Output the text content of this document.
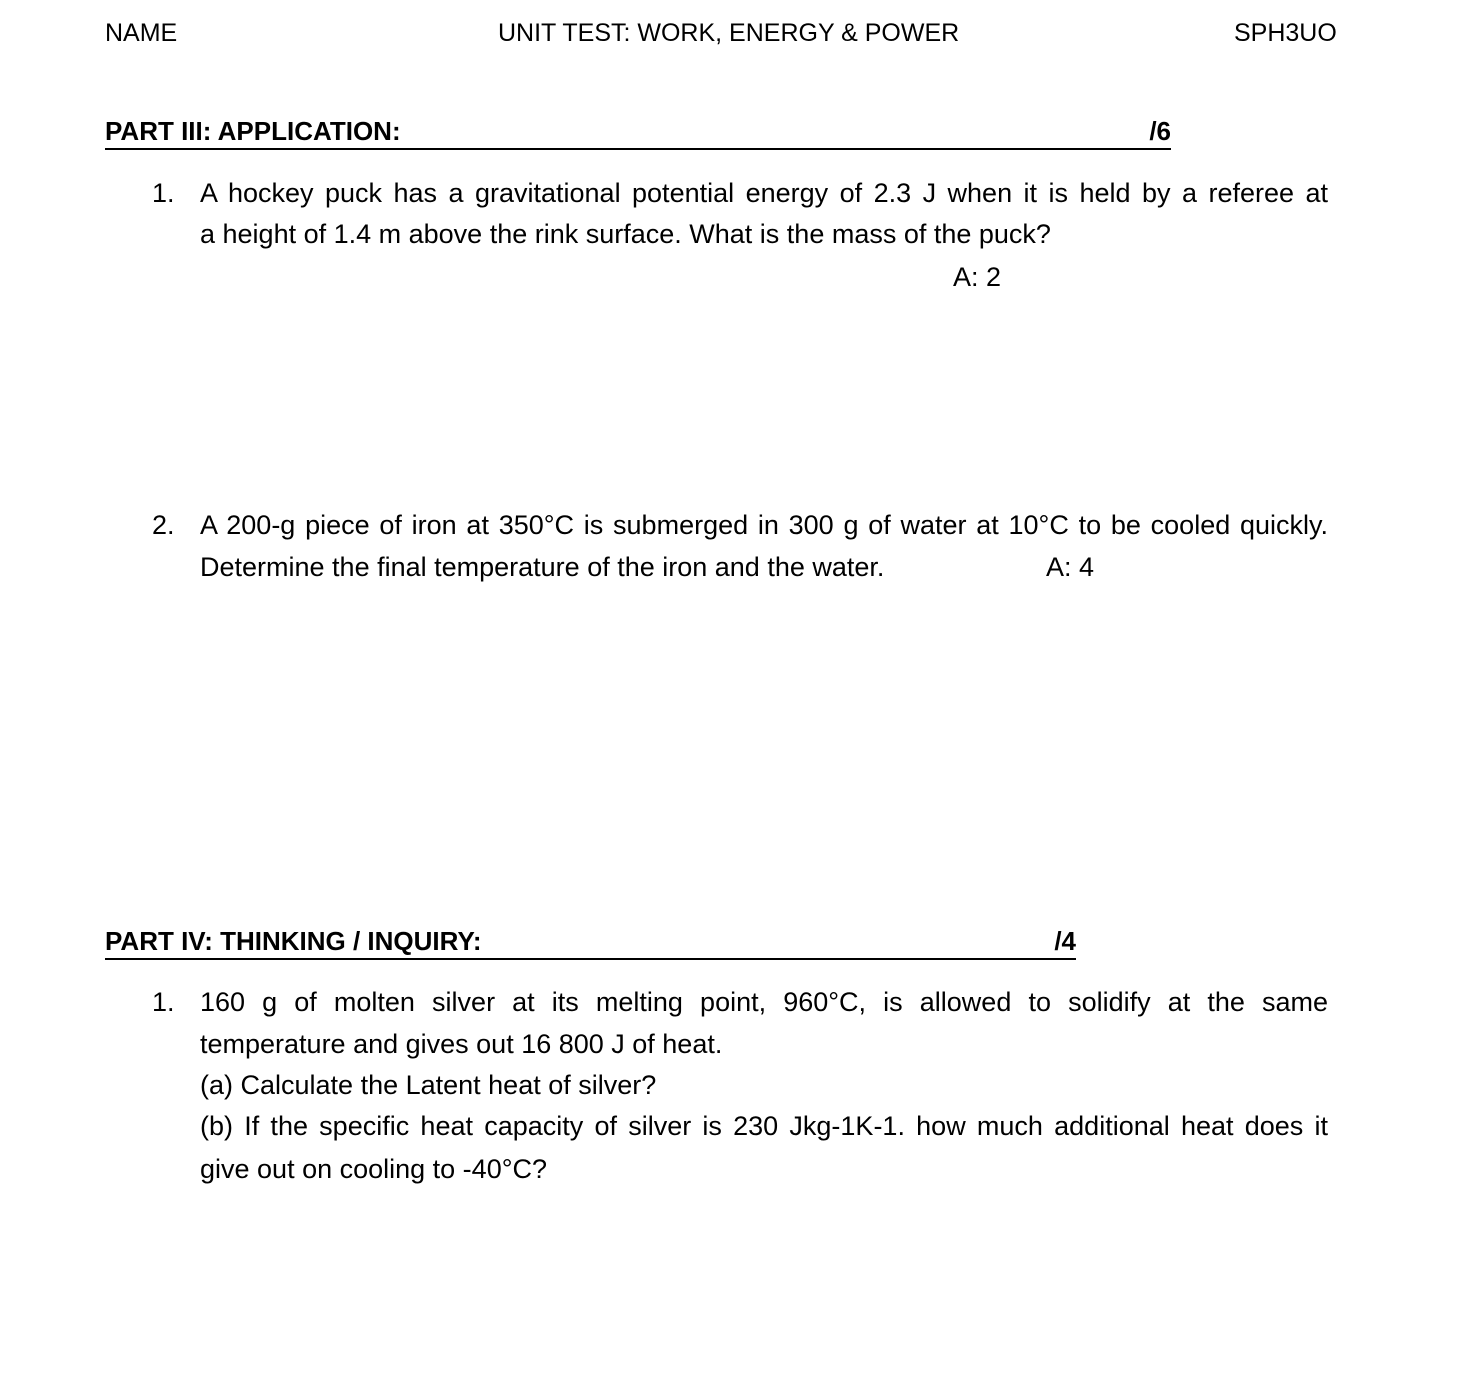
NAME	UNIT TEST: WORK, ENERGY & POWER	SPH3UO
PART III: APPLICATION:	/6
1. A hockey puck has a gravitational potential energy of 2.3 J when it is held by a referee at
a height of 1.4 m above the rink surface. What is the mass of the puck?
A: 2
2. A 200-g piece of iron at 350°C is submerged in 300 g of water at 10°C to be cooled quickly.
Determine the final temperature of the iron and the water.	A: 4
PART IV: THINKING / INQUIRY:	/4
1. 160 g of molten silver at its melting point, 960°C, is allowed to solidify at the same
temperature and gives out 16 800 J of heat.
(a) Calculate the Latent heat of silver?
(b) If the specific heat capacity of silver is 230 Jkg-1K-1. how much additional heat does it
give out on cooling to -40°C?
